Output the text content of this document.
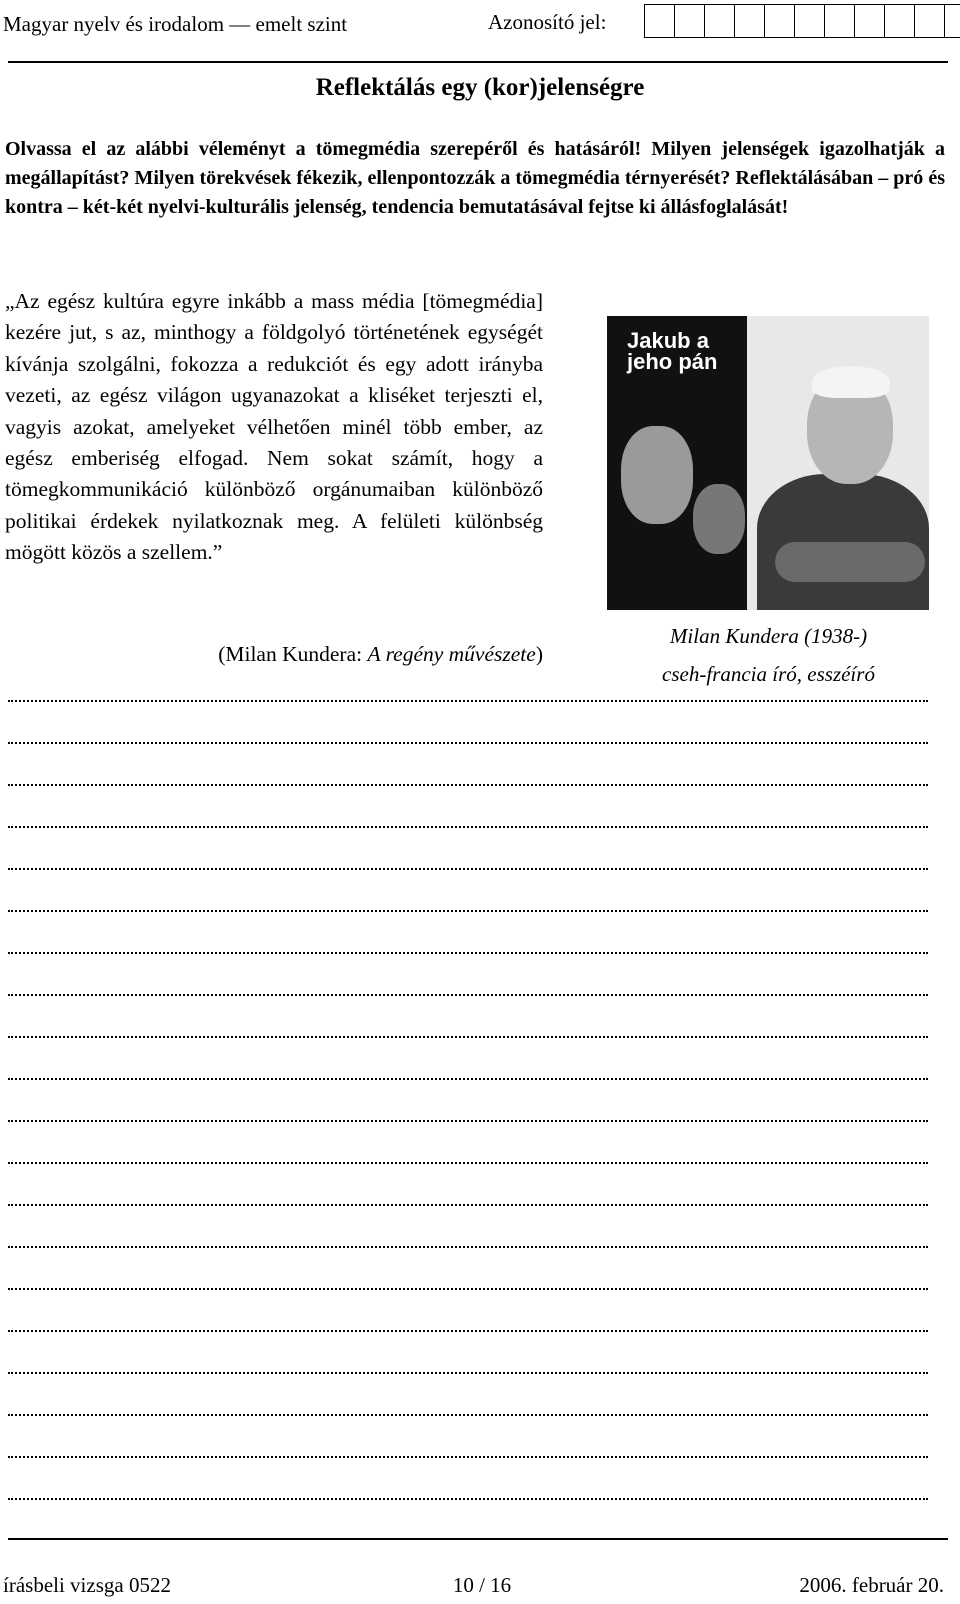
Magyar nyelv és irodalom — emelt szint	Azonosító jel:
Reflektálás egy (kor)jelenségre
Olvassa el az alábbi véleményt a tömegmédia szerepéről és hatásáról! Milyen jelenségek igazolhatják a megállapítást? Milyen törekvések fékezik, ellenpontozzák a tömegmédia térnyerését? Reflektálásában – pró és kontra – két-két nyelvi-kulturális jelenség, tendencia bemutatásával fejtse ki állásfoglalását!
„Az egész kultúra egyre inkább a mass média [tömegmédia] kezére jut, s az, minthogy a földgolyó történetének egységét kívánja szolgálni, fokozza a redukciót és egy adott irányba vezeti, az egész világon ugyanazokat a kliséket terjeszti el, vagyis azokat, amelyeket vélhetően minél több ember, az egész emberiség elfogad. Nem sokat számít, hogy a tömegkommunikáció különböző orgánumaiban különböző politikai érdekek nyilatkoznak meg. A felületi különbség mögött közös a szellem.”
(Milan Kundera: A regény művészete)
Jakub a jeho pán
Milan Kundera (1938-)
cseh-francia író, esszéíró
írásbeli vizsga 0522	10 / 16	2006. február 20.
